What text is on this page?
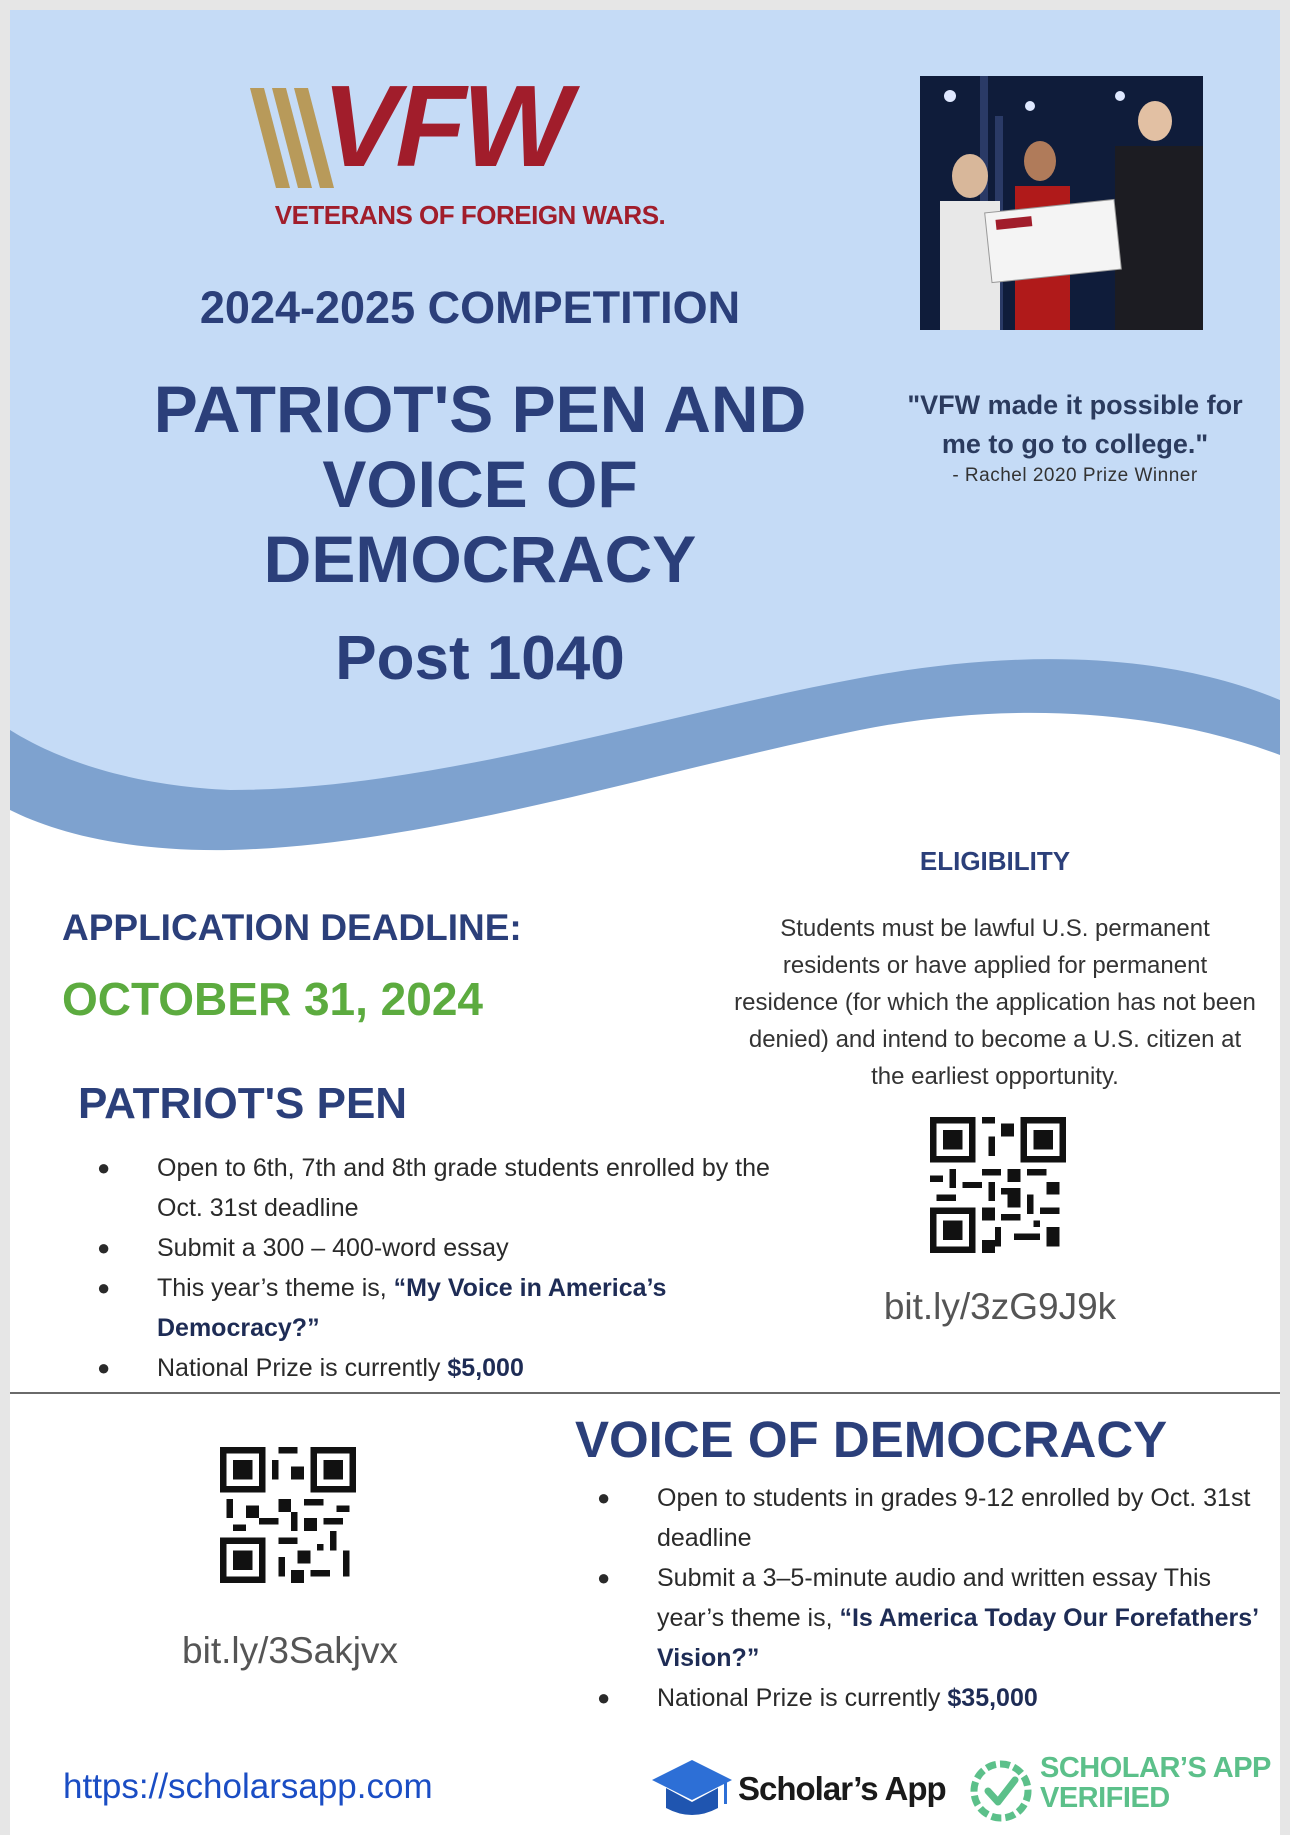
VFW
VETERANS OF FOREIGN WARS.
2024-2025 COMPETITION
PATRIOT'S PEN AND VOICE OF DEMOCRACY
Post 1040
"VFW made it possible for me to go to college."
- Rachel 2020 Prize Winner
ELIGIBILITY
Students must be lawful U.S. permanent residents or have applied for permanent residence (for which the application has not been denied) and intend to become a U.S. citizen at the earliest opportunity.
APPLICATION DEADLINE:
OCTOBER 31, 2024
PATRIOT'S PEN
● Open to 6th, 7th and 8th grade students enrolled by the Oct. 31st deadline
● Submit a 300 – 400-word essay
● This year’s theme is, “My Voice in America’s Democracy?”
● National Prize is currently $5,000
bit.ly/3zG9J9k
bit.ly/3Sakjvx
VOICE OF DEMOCRACY
● Open to students in grades 9-12 enrolled by Oct. 31st deadline
● Submit a 3–5-minute audio and written essay This year’s theme is, “Is America Today Our Forefathers’ Vision?”
● National Prize is currently $35,000
https://scholarsapp.com	Scholar’s App
SCHOLAR’S APP
VERIFIED
